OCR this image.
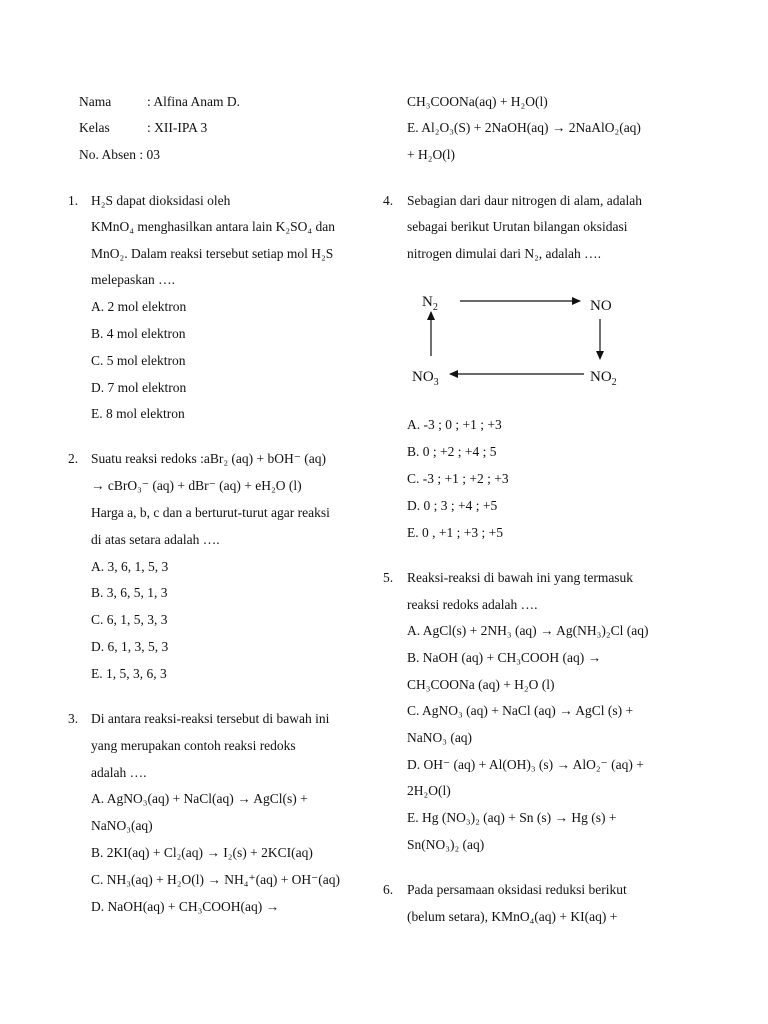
Nama	: Alfina Anam D.
Kelas	: XII-IPA 3
No. Absen : 03
1. H₂S dapat dioksidasi oleh
KMnO₄ menghasilkan antara lain K₂SO₄ dan
MnO₂. Dalam reaksi tersebut setiap mol H₂S
melepaskan ….
A. 2 mol elektron
B. 4 mol elektron
C. 5 mol elektron
D. 7 mol elektron
E. 8 mol elektron
2. Suatu reaksi redoks :aBr₂ (aq) + bOH⁻ (aq)
→ cBrO₃⁻ (aq) + dBr⁻ (aq) + eH₂O (l)
Harga a, b, c dan a berturut-turut agar reaksi
di atas setara adalah ….
A. 3, 6, 1, 5, 3
B. 3, 6, 5, 1, 3
C. 6, 1, 5, 3, 3
D. 6, 1, 3, 5, 3
E. 1, 5, 3, 6, 3
3. Di antara reaksi-reaksi tersebut di bawah ini
yang merupakan contoh reaksi redoks
adalah ….
A. AgNO₃(aq) + NaCl(aq) → AgCl(s) +
NaNO₃(aq)
B. 2KI(aq) + Cl₂(aq) → I₂(s) + 2KCI(aq)
C. NH₃(aq) + H₂O(l) → NH₄⁺(aq) + OH⁻(aq)
D. NaOH(aq) + CH₃COOH(aq) →
CH₃COONa(aq) + H₂O(l)
E. Al₂O₃(S) + 2NaOH(aq) → 2NaAlO₂(aq)
+ H₂O(l)
4. Sebagian dari daur nitrogen di alam, adalah
sebagai berikut Urutan bilangan oksidasi
nitrogen dimulai dari N₂, adalah ….
$N_2$	NO
$NO_2$
$NO_3$
A. -3 ; 0 ; +1 ; +3
B. 0 ; +2 ; +4 ; 5
C. -3 ; +1 ; +2 ; +3
D. 0 ; 3 ; +4 ; +5
E. 0 , +1 ; +3 ; +5
5. Reaksi-reaksi di bawah ini yang termasuk
reaksi redoks adalah ….
A. AgCl(s) + 2NH₃ (aq) → Ag(NH₃)₂Cl (aq)
B. NaOH (aq) + CH₃COOH (aq) →
CH₃COONa (aq) + H₂O (l)
C. AgNO₃ (aq) + NaCl (aq) → AgCl (s) +
NaNO₃ (aq)
D. OH⁻ (aq) + Al(OH)₃ (s) → AlO₂⁻ (aq) +
2H₂O(l)
E. Hg (NO₃)₂ (aq) + Sn (s) → Hg (s) +
Sn(NO₃)₂ (aq)
6. Pada persamaan oksidasi reduksi berikut
(belum setara), KMnO₄(aq) + KI(aq) +
